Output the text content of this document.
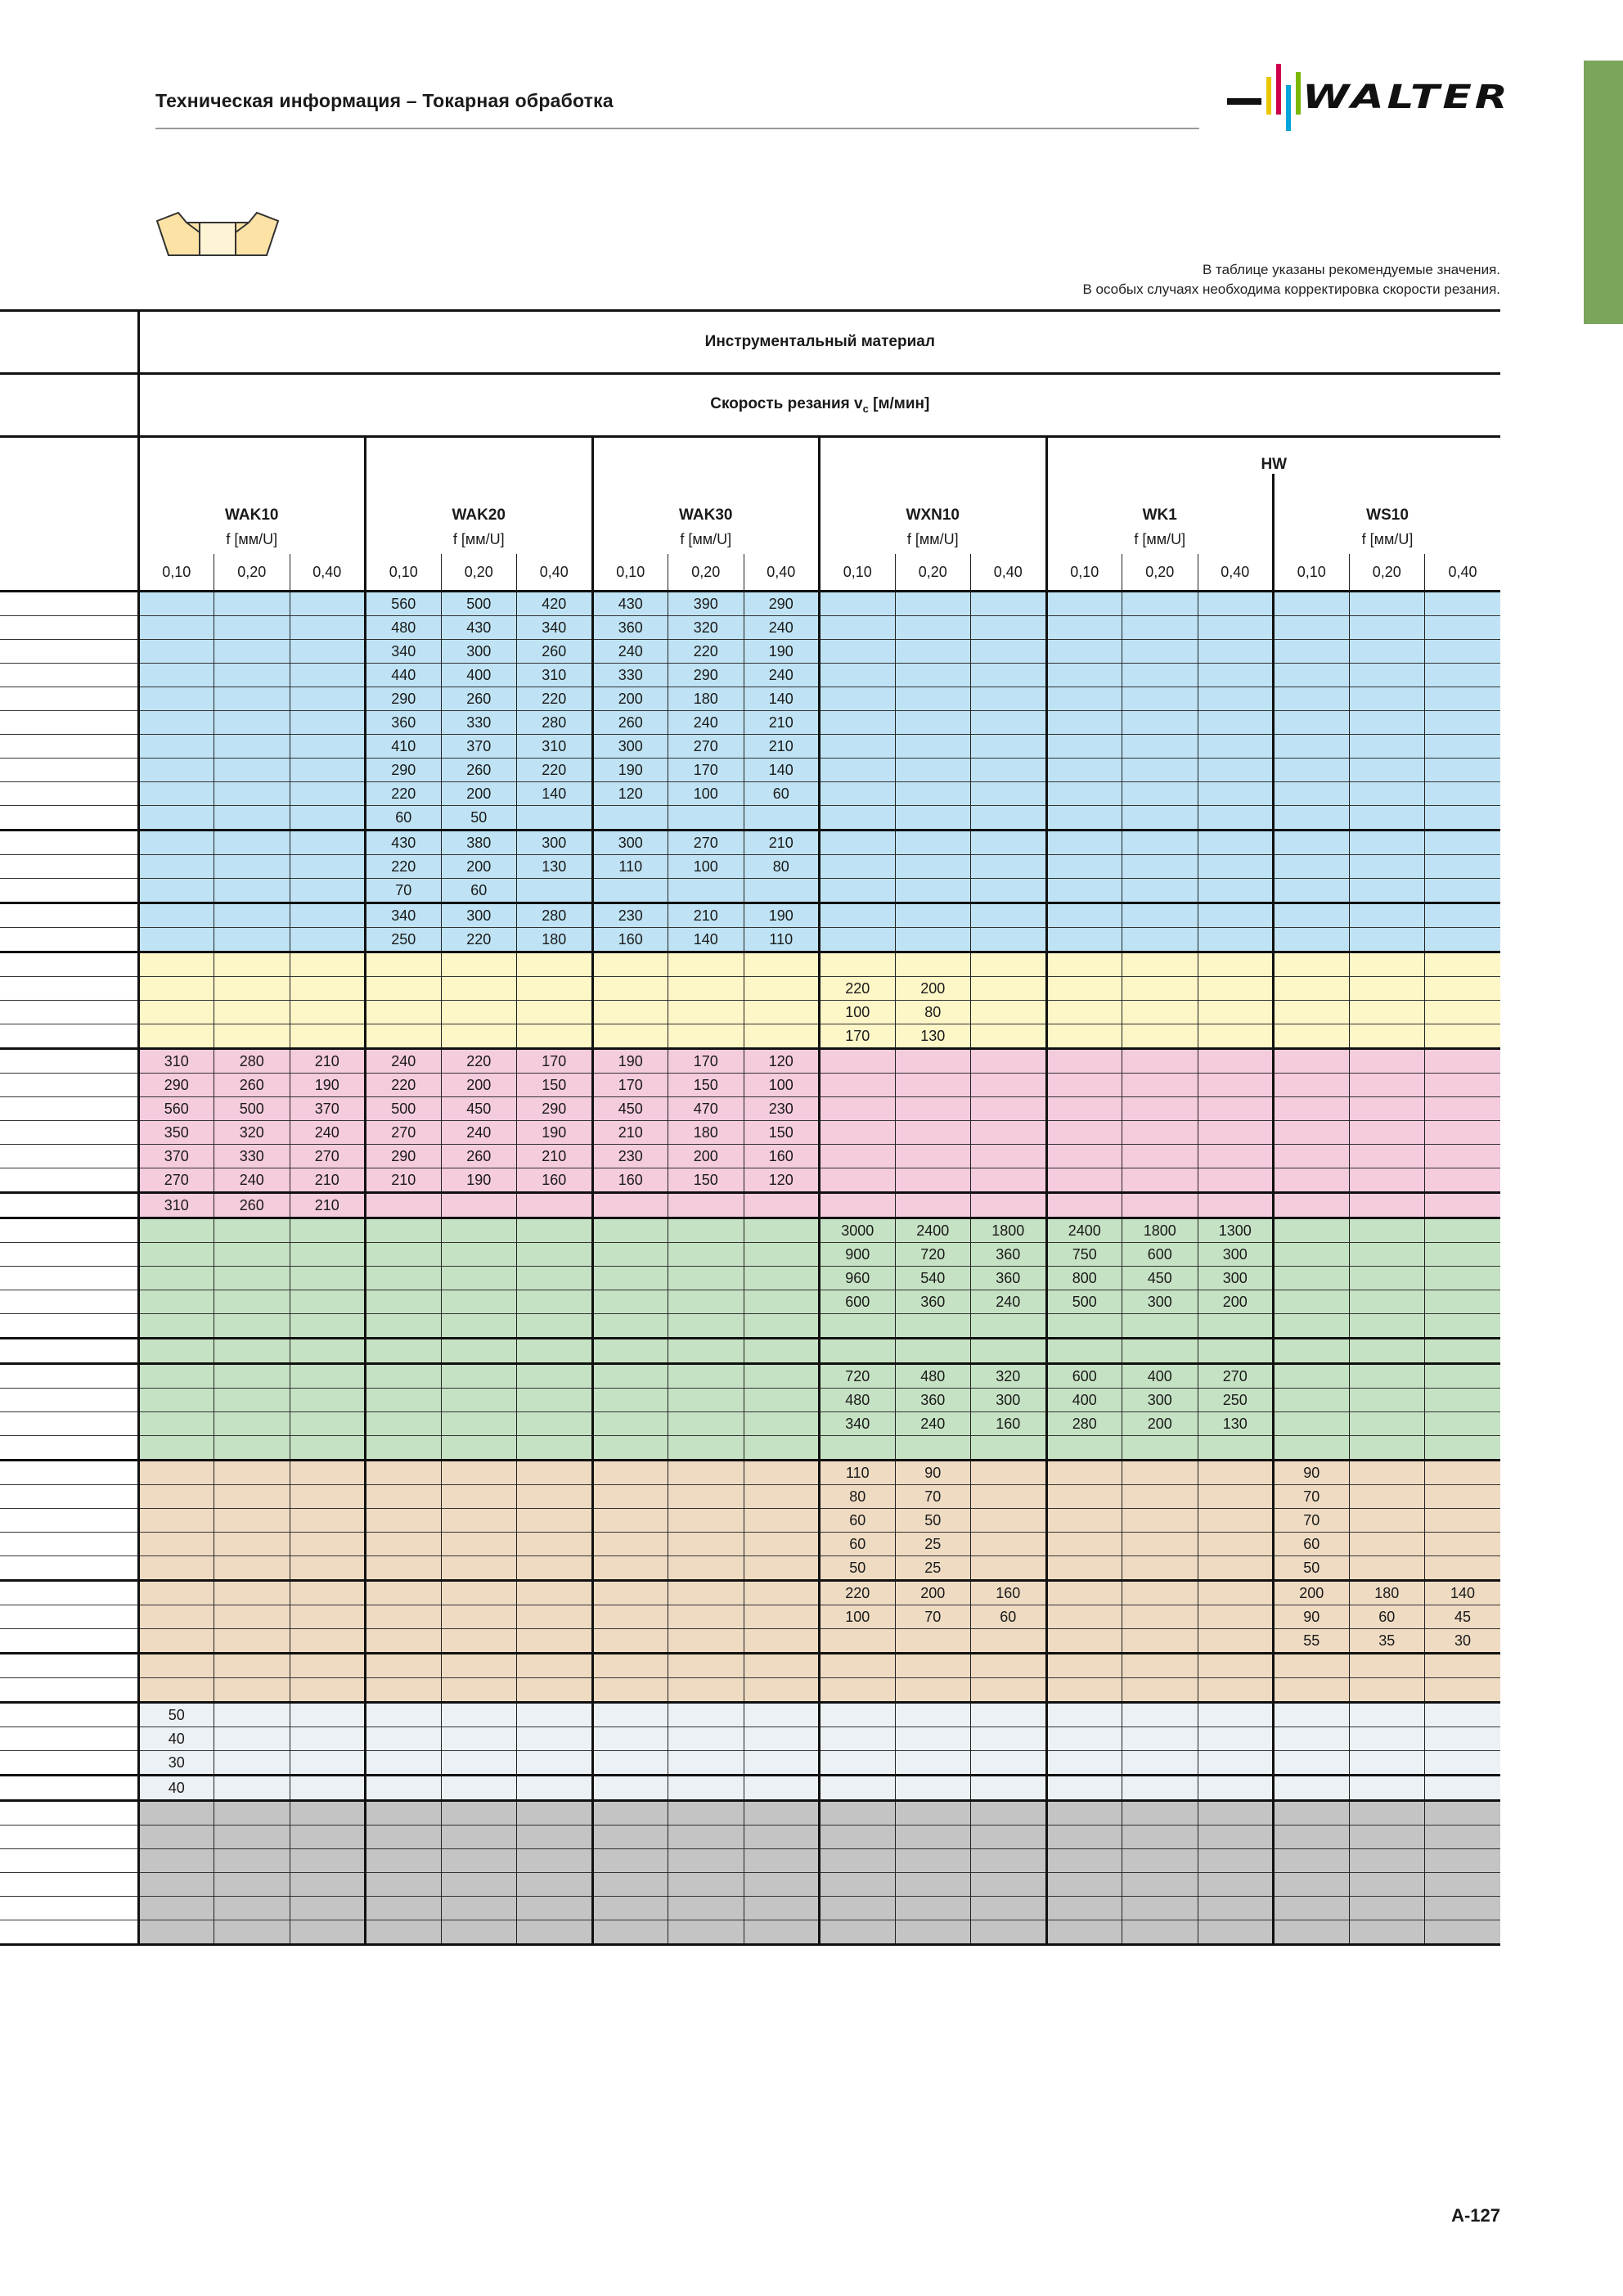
Техническая информация – Токарная обработка	WALTER
В таблице указаны рекомендуемые значения.
В особых случаях необходима корректировка скорости резания.
	Инструментальный материал																	
	Скорость резания $v_c$ [м/мин]																	
													HW					
	WAK10			WAK20			WAK30			WXN10			WK1			WS10		
	f [мм/U]			f [мм/U]			f [мм/U]			f [мм/U]			f [мм/U]			f [мм/U]		
	0,10	0,20	0,40	0,10	0,20	0,40	0,10	0,20	0,40	0,10	0,20	0,40	0,10	0,20	0,40	0,10	0,20	0,40
				560	500	420	430	390	290									
				480	430	340	360	320	240									
				340	300	260	240	220	190									
				440	400	310	330	290	240									
				290	260	220	200	180	140									
				360	330	280	260	240	210									
				410	370	310	300	270	210									
				290	260	220	190	170	140									
				220	200	140	120	100	60									
				60	50													
				430	380	300	300	270	210									
				220	200	130	110	100	80									
				70	60													
				340	300	280	230	210	190									
				250	220	180	160	140	110									

										220	200							
										100	80							
										170	130							
	310	280	210	240	220	170	190	170	120									
	290	260	190	220	200	150	170	150	100									
	560	500	370	500	450	290	450	470	230									
	350	320	240	270	240	190	210	180	150									
	370	330	270	290	260	210	230	200	160									
	270	240	210	210	190	160	160	150	120									
	310	260	210															
										3000	2400	1800	2400	1800	1300			
										900	720	360	750	600	300			
										960	540	360	800	450	300			
										600	360	240	500	300	200			

										720	480	320	600	400	270			
										480	360	300	400	300	250			
										340	240	160	280	200	130			

										110	90					90		
										80	70					70		
										60	50					70		
										60	25					60		
										50	25					50		
										220	200	160				200	180	140
										100	70	60				90	60	45
																55	35	30

	50																	
	40																	
	30																	
	40																	

A-127
